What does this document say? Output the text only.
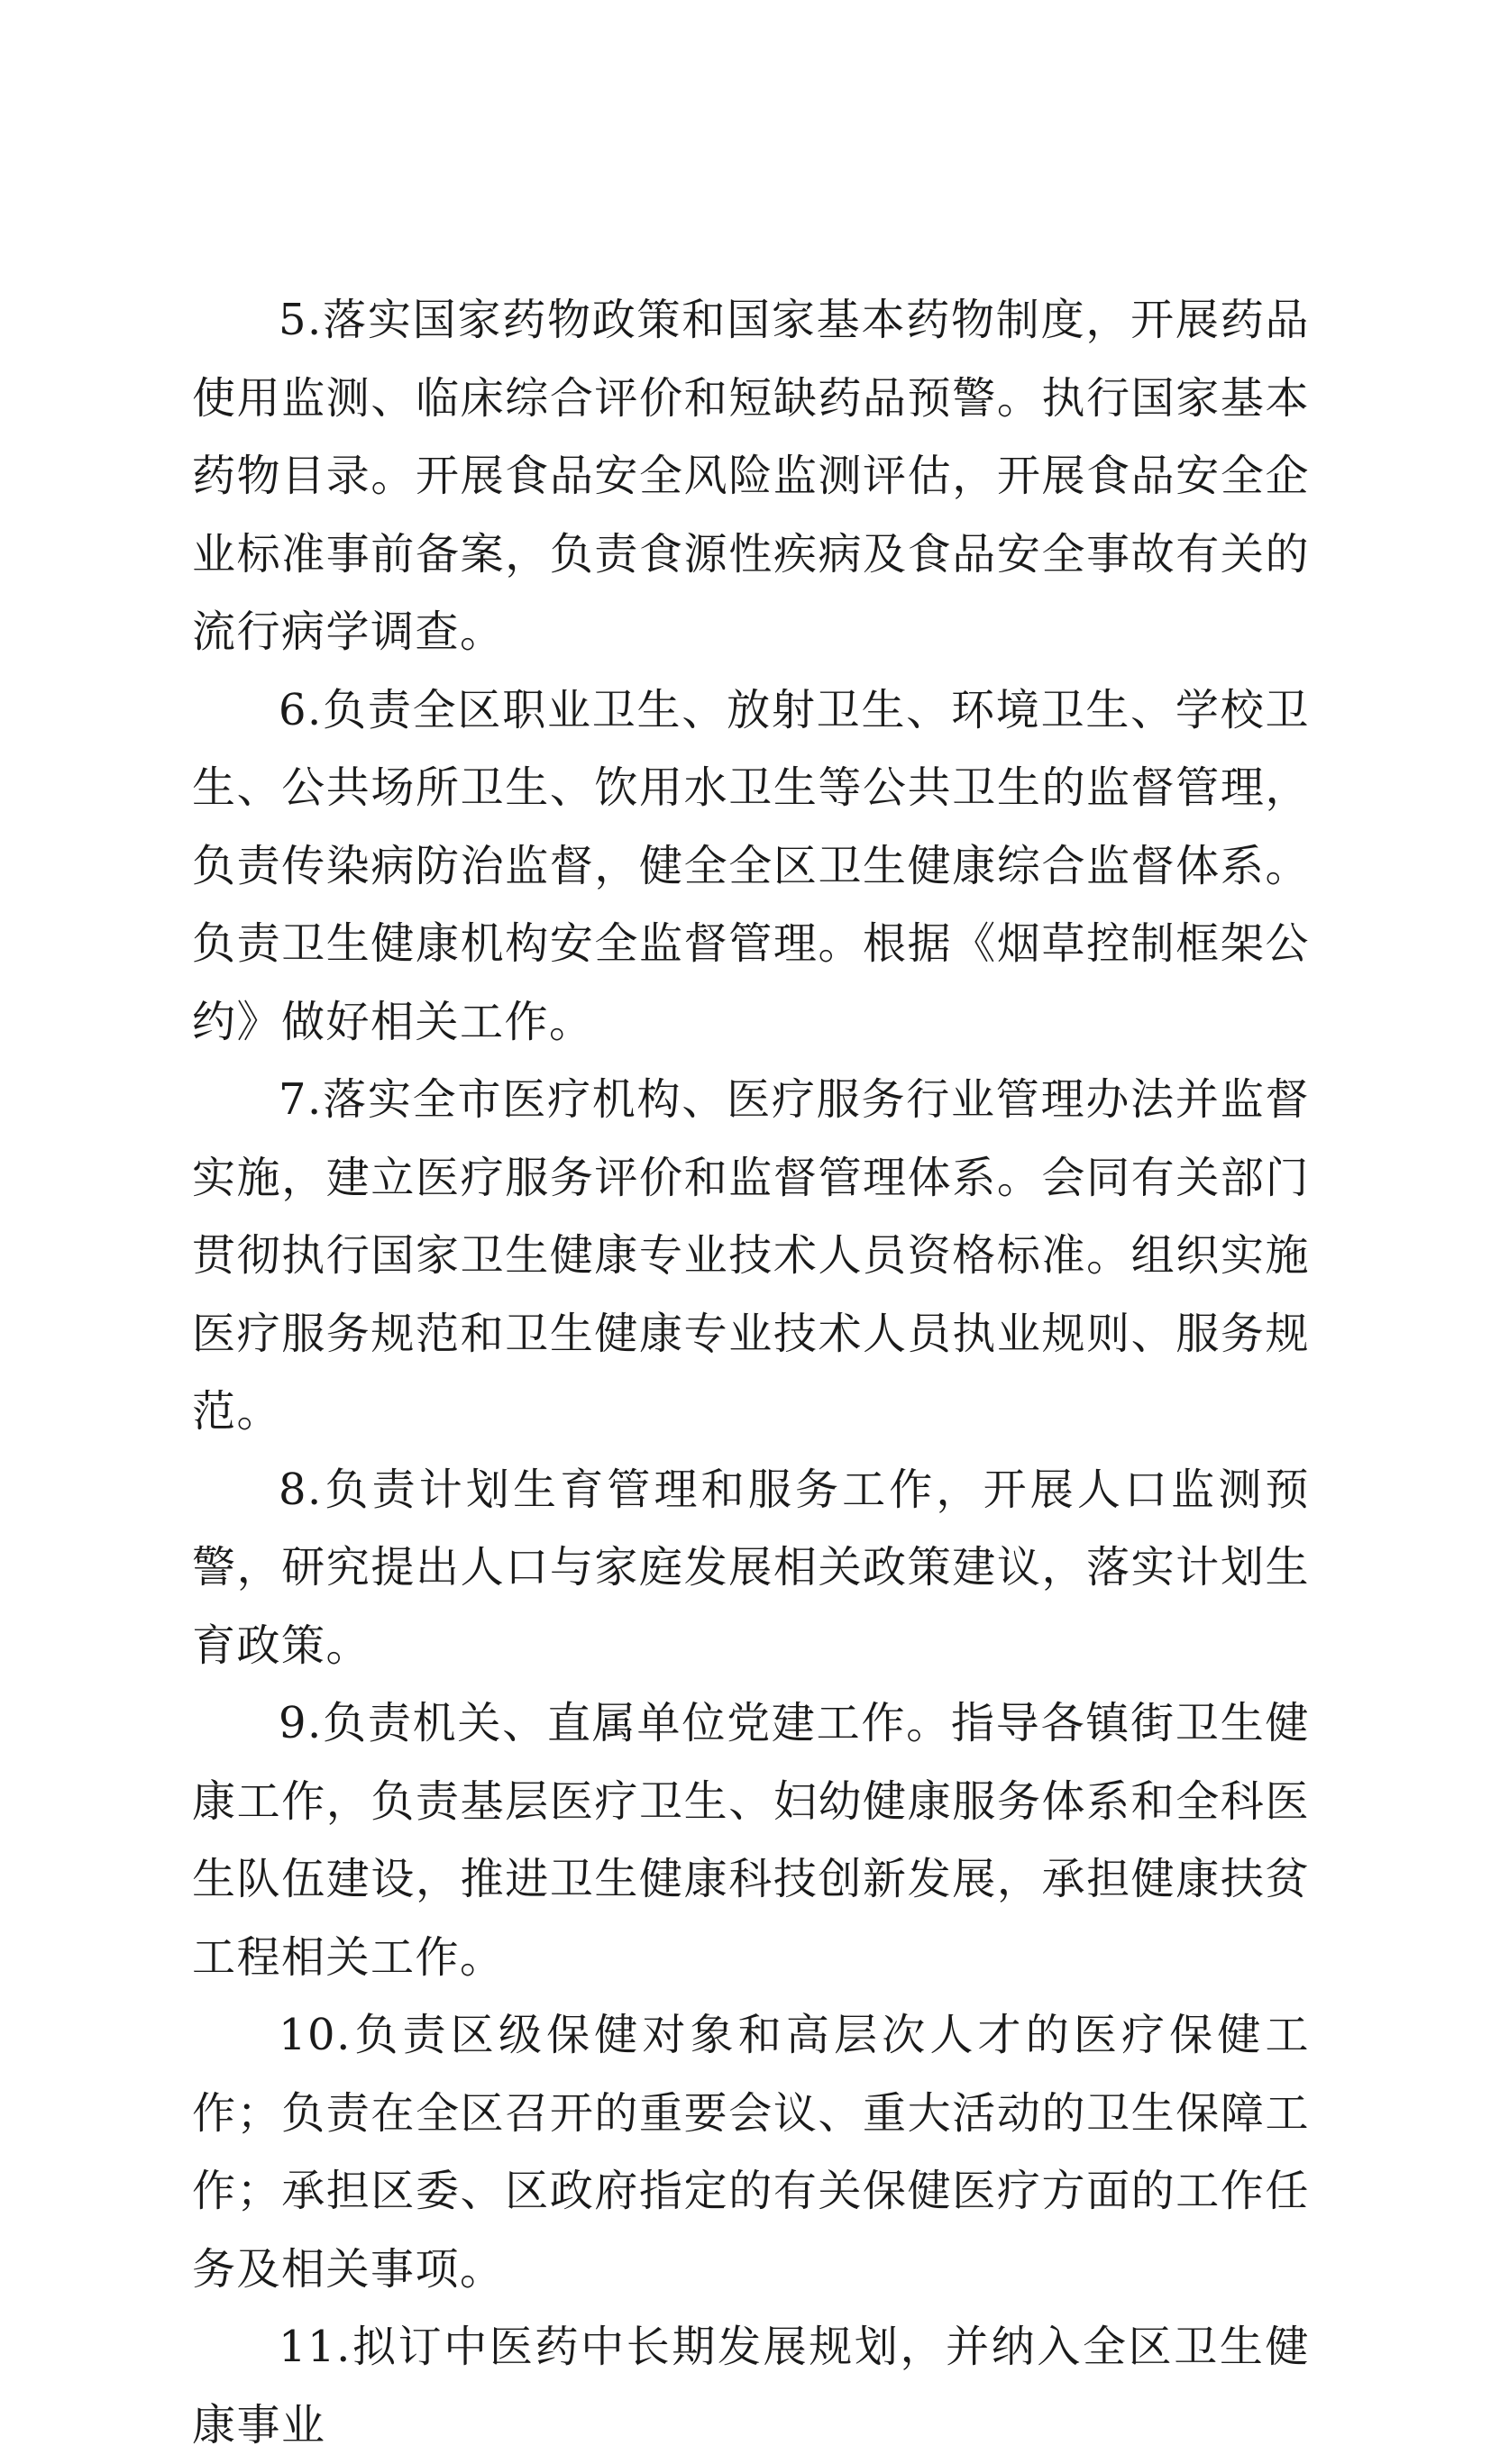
5.落实国家药物政策和国家基本药物制度，开展药品使用监测、临床综合评价和短缺药品预警。执行国家基本药物目录。开展食品安全风险监测评估，开展食品安全企业标准事前备案，负责食源性疾病及食品安全事故有关的流行病学调查。

6.负责全区职业卫生、放射卫生、环境卫生、学校卫生、公共场所卫生、饮用水卫生等公共卫生的监督管理，负责传染病防治监督，健全全区卫生健康综合监督体系。负责卫生健康机构安全监督管理。根据《烟草控制框架公约》做好相关工作。

7.落实全市医疗机构、医疗服务行业管理办法并监督实施，建立医疗服务评价和监督管理体系。会同有关部门贯彻执行国家卫生健康专业技术人员资格标准。组织实施医疗服务规范和卫生健康专业技术人员执业规则、服务规范。

8.负责计划生育管理和服务工作，开展人口监测预警，研究提出人口与家庭发展相关政策建议，落实计划生育政策。

9.负责机关、直属单位党建工作。指导各镇街卫生健康工作，负责基层医疗卫生、妇幼健康服务体系和全科医生队伍建设，推进卫生健康科技创新发展，承担健康扶贫工程相关工作。

10.负责区级保健对象和高层次人才的医疗保健工作；负责在全区召开的重要会议、重大活动的卫生保障工作；承担区委、区政府指定的有关保健医疗方面的工作任务及相关事项。

11.拟订中医药中长期发展规划，并纳入全区卫生健康事业
